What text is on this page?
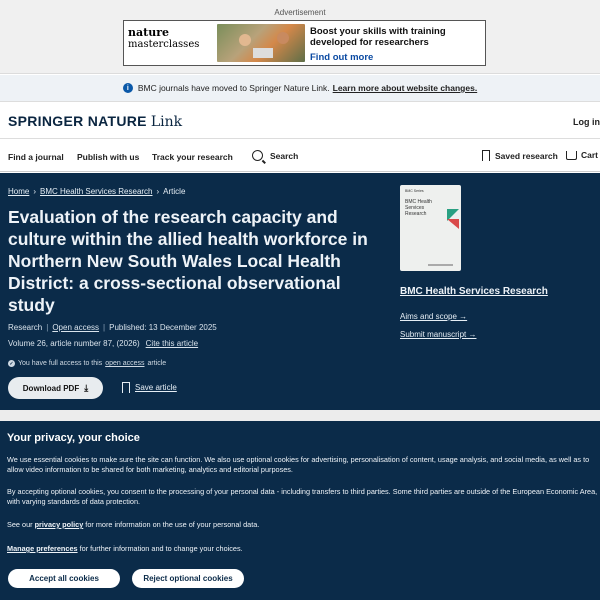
Advertisement
nature
masterclasses
Boost your skills with training developed for researchers
Find out more
i	BMC journals have moved to Springer Nature Link. Learn more about website changes.
SPRINGER NATURE Link	Log in
Find a journal Publish with us Track your research	Search	Saved research	Cart
Home › BMC Health Services Research › Article
Evaluation of the research capacity and culture within the allied health workforce in Northern New South Wales Local Health District: a cross-sectional observational study
Research | Open access | Published: 13 December 2025
Volume 26, article number 87, (2026) Cite this article
✓ You have full access to this open access article
Download PDF ⤓	Save article
BMC Series
BMC Health Services Research
BMC Health Services Research
Aims and scope →
Submit manuscript →
Your privacy, your choice

We use essential cookies to make sure the site can function. We also use optional cookies for advertising, personalisation of content, usage analysis, and social media, as well as to allow video information to be shared for both marketing, analytics and editorial purposes.

By accepting optional cookies, you consent to the processing of your personal data - including transfers to third parties. Some third parties are outside of the European Economic Area, with varying standards of data protection.

See our privacy policy for more information on the use of your personal data.

Manage preferences for further information and to change your choices.

Accept all cookies	Reject optional cookies
